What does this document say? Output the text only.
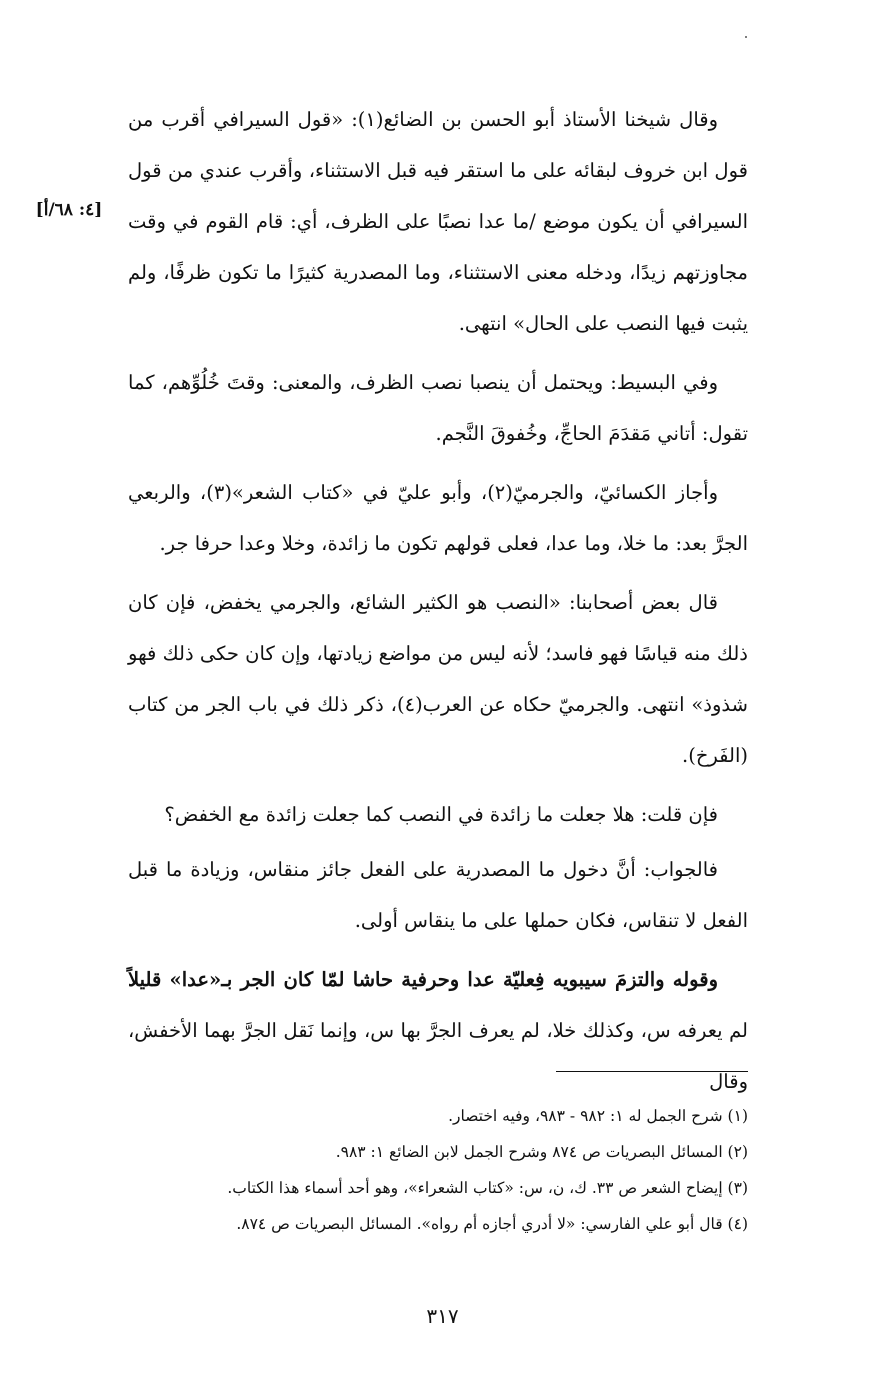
[٤: ٦٨/أ]

وقال شيخنا الأستاذ أبو الحسن بن الضائع(١): «قول السيرافي أقرب من قول ابن خروف لبقائه على ما استقر فيه قبل الاستثناء، وأقرب عندي من قول السيرافي أن يكون موضع /ما عدا نصبًا على الظرف، أي: قام القوم في وقت مجاوزتهم زيدًا، ودخله معنى الاستثناء، وما المصدرية كثيرًا ما تكون ظرفًا، ولم يثبت فيها النصب على الحال» انتهى.

وفي البسيط: ويحتمل أن ينصبا نصب الظرف، والمعنى: وقتَ خُلُوِّهم، كما تقول: أتاني مَقدَمَ الحاجِّ، وخُفوقَ النَّجم.

وأجاز الكسائيّ، والجرميّ(٢)، وأبو عليّ في «كتاب الشعر»(٣)، والربعي الجرَّ بعد: ما خلا، وما عدا، فعلى قولهم تكون ما زائدة، وخلا وعدا حرفا جر.

قال بعض أصحابنا: «النصب هو الكثير الشائع، والجرمي يخفض، فإن كان ذلك منه قياسًا فهو فاسد؛ لأنه ليس من مواضع زيادتها، وإن كان حكى ذلك فهو شذوذ» انتهى. والجرميّ حكاه عن العرب(٤)، ذكر ذلك في باب الجر من كتاب (الفَرخ).

فإن قلت: هلا جعلت ما زائدة في النصب كما جعلت زائدة مع الخفض؟

فالجواب: أنَّ دخول ما المصدرية على الفعل جائز منقاس، وزيادة ما قبل الفعل لا تنقاس، فكان حملها على ما ينقاس أولى.

وقوله والتزمَ سيبويه فِعليّة عدا وحرفية حاشا لمّا كان الجر بـ«عدا» قليلاً لم يعرفه س، وكذلك خلا، لم يعرف الجرَّ بها س، وإنما نَقل الجرَّ بهما الأخفش، وقال

(١) شرح الجمل له ١: ٩٨٢ - ٩٨٣، وفيه اختصار.
(٢) المسائل البصريات ص ٨٧٤ وشرح الجمل لابن الضائع ١: ٩٨٣.
(٣) إيضاح الشعر ص ٣٣. ك، ن، س: «كتاب الشعراء»، وهو أحد أسماء هذا الكتاب.
(٤) قال أبو علي الفارسي: «لا أدري أجازه أم رواه». المسائل البصريات ص ٨٧٤.
٣١٧
